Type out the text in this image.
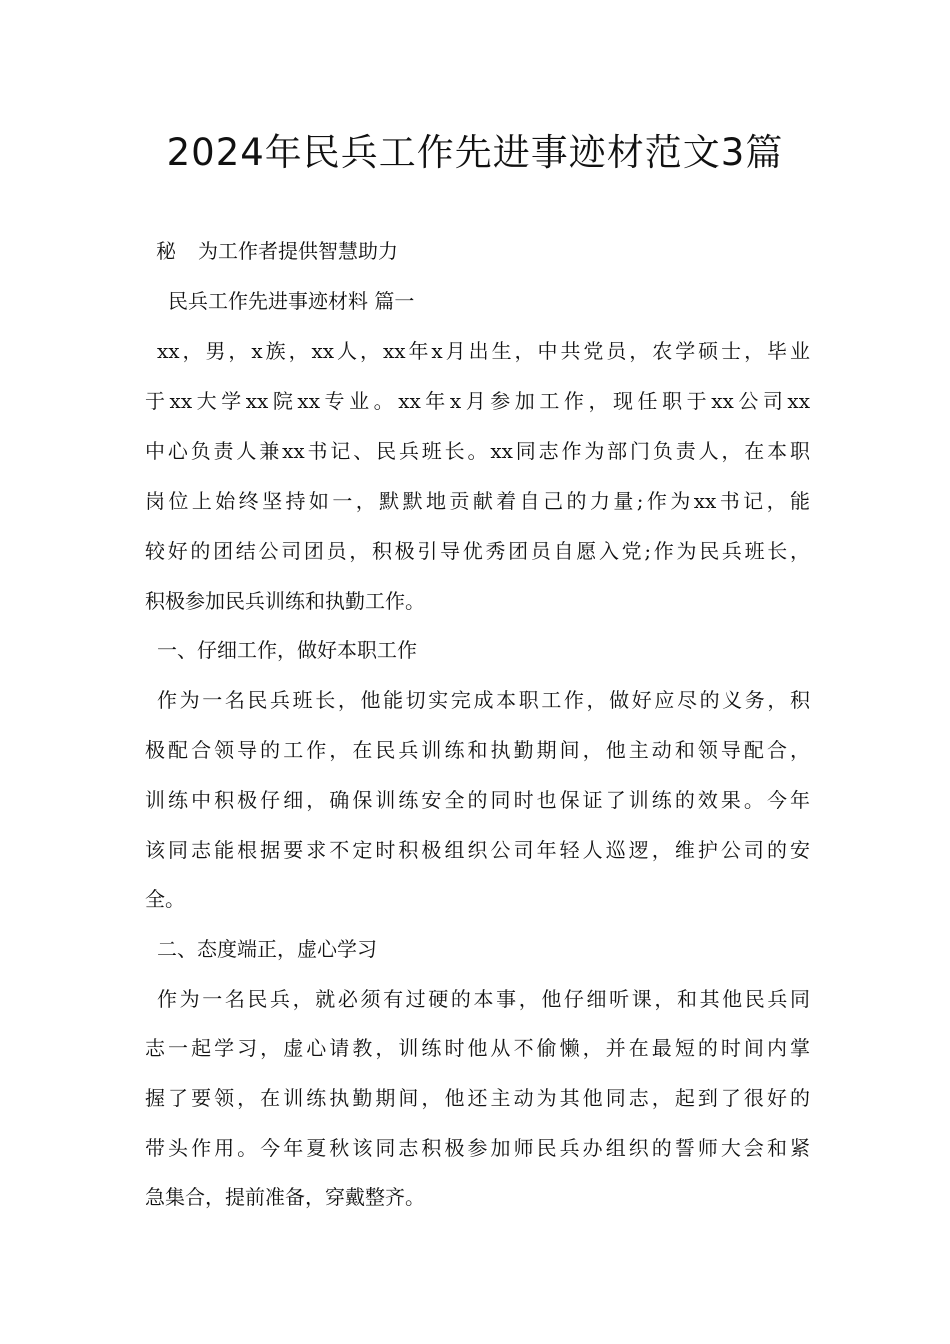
2024年民兵工作先进事迹材范文3篇
秘 为工作者提供智慧助力
民兵工作先进事迹材料 篇一
xx，男，x族，xx人，xx年x月出生，中共党员，农学硕士，毕业
于xx大学xx院xx专业。xx年x月参加工作，现任职于xx公司xx
中心负责人兼xx书记、民兵班长。xx同志作为部门负责人，在本职
岗位上始终坚持如一，默默地贡献着自己的力量;作为xx书记，能
较好的团结公司团员，积极引导优秀团员自愿入党;作为民兵班长，
积极参加民兵训练和执勤工作。
一、仔细工作，做好本职工作
作为一名民兵班长，他能切实完成本职工作，做好应尽的义务，积
极配合领导的工作，在民兵训练和执勤期间，他主动和领导配合，
训练中积极仔细，确保训练安全的同时也保证了训练的效果。今年
该同志能根据要求不定时积极组织公司年轻人巡逻，维护公司的安
全。
二、态度端正，虚心学习
作为一名民兵，就必须有过硬的本事，他仔细听课，和其他民兵同
志一起学习，虚心请教，训练时他从不偷懒，并在最短的时间内掌
握了要领，在训练执勤期间，他还主动为其他同志，起到了很好的
带头作用。今年夏秋该同志积极参加师民兵办组织的誓师大会和紧
急集合，提前准备，穿戴整齐。
